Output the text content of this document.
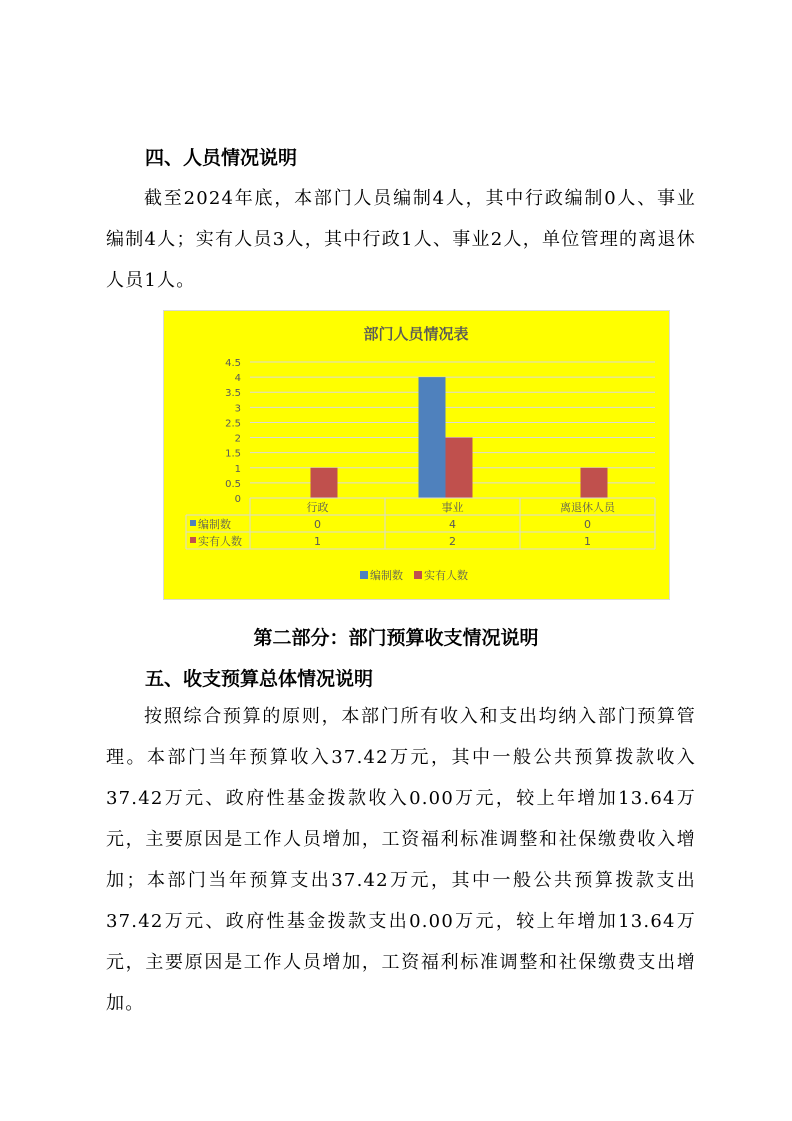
四、人员情况说明
截至2024年底，本部门人员编制4人，其中行政编制0人、事业编制4人；实有人员3人，其中行政1人、事业2人，单位管理的离退休人员1人。
部门人员情况表
0
0.5
1
1.5
2
2.5
3
3.5
4
4.5
行政	事业	离退休人员
编制数	0	4	0
实有人数	1	2	1
编制数 实有人数
第二部分：部门预算收支情况说明
五、收支预算总体情况说明
按照综合预算的原则，本部门所有收入和支出均纳入部门预算管理。本部门当年预算收入37.42万元，其中一般公共预算拨款收入37.42万元、政府性基金拨款收入0.00万元，较上年增加13.64万元，主要原因是工作人员增加，工资福利标准调整和社保缴费收入增加；本部门当年预算支出37.42万元，其中一般公共预算拨款支出37.42万元、政府性基金拨款支出0.00万元，较上年增加13.64万元，主要原因是工作人员增加，工资福利标准调整和社保缴费支出增加。
